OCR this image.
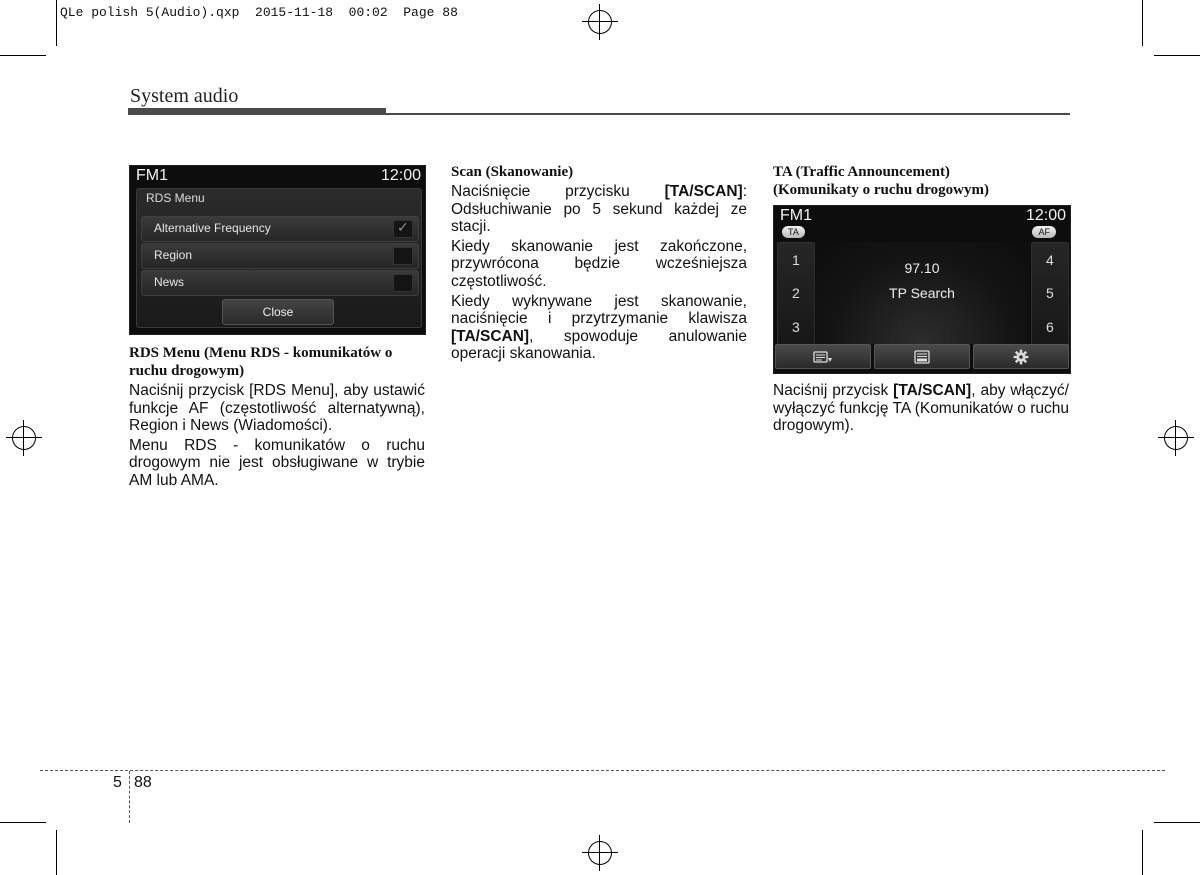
QLe polish 5(Audio).qxp  2015-11-18  00:02  Page 88
System audio
FM1	12:00
RDS Menu
Alternative Frequency
✓
Region
News
Close
RDS Menu (Menu RDS - komunikatów o ruchu drogowym)

Naciśnij przycisk [RDS Menu], aby ustawić funkcje AF (częstotliwość alternatywną), Region i News (Wiadomości).

Menu RDS - komunikatów o ruchu drogowym nie jest obsługiwane w trybie AM lub AMA.

Scan (Skanowanie)

Naciśnięcie przycisku [TA/SCAN]: Odsłuchiwanie po 5 sekund każdej ze stacji.

Kiedy skanowanie jest zakończone, przywrócona będzie wcześniejsza częstotliwość.

Kiedy wyknywane jest skanowanie, naciśnięcie i przytrzymanie klawisza [TA/SCAN], spowoduje anulowanie operacji skanowania.

TA (Traffic Announcement)
(Komunikaty o ruchu drogowym)
FM1	12:00
TA	AF
1
2
3
97.10
TP Search
4
5
6

Naciśnij przycisk [TA/SCAN], aby włączyć/ wyłączyć funkcję TA (Komunikatów o ruchu drogowym).

5 88
